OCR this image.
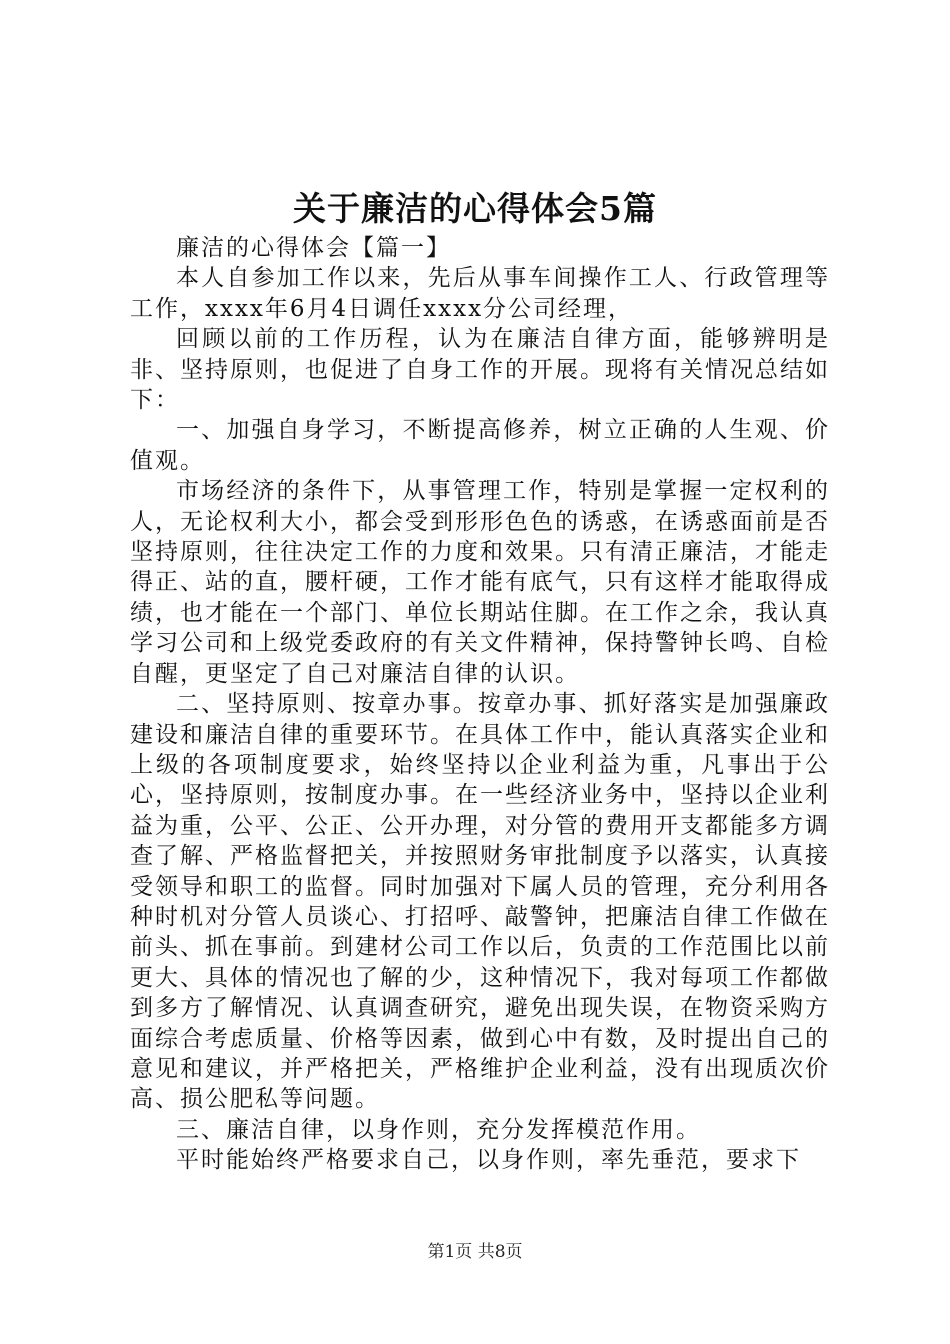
关于廉洁的心得体会5篇

廉洁的心得体会【篇一】

本人自参加工作以来，先后从事车间操作工人、行政管理等工作，xxxx年6月4日调任xxxx分公司经理，

回顾以前的工作历程，认为在廉洁自律方面，能够辨明是非、坚持原则，也促进了自身工作的开展。现将有关情况总结如下：

一、加强自身学习，不断提高修养，树立正确的人生观、价值观。

市场经济的条件下，从事管理工作，特别是掌握一定权利的人，无论权利大小，都会受到形形色色的诱惑，在诱惑面前是否坚持原则，往往决定工作的力度和效果。只有清正廉洁，才能走得正、站的直，腰杆硬，工作才能有底气，只有这样才能取得成绩，也才能在一个部门、单位长期站住脚。在工作之余，我认真学习公司和上级党委政府的有关文件精神，保持警钟长鸣、自检自醒，更坚定了自己对廉洁自律的认识。

二、坚持原则、按章办事。按章办事、抓好落实是加强廉政建设和廉洁自律的重要环节。在具体工作中，能认真落实企业和上级的各项制度要求，始终坚持以企业利益为重，凡事出于公心，坚持原则，按制度办事。在一些经济业务中，坚持以企业利益为重，公平、公正、公开办理，对分管的费用开支都能多方调查了解、严格监督把关，并按照财务审批制度予以落实，认真接受领导和职工的监督。同时加强对下属人员的管理，充分利用各种时机对分管人员谈心、打招呼、敲警钟，把廉洁自律工作做在前头、抓在事前。到建材公司工作以后，负责的工作范围比以前更大、具体的情况也了解的少，这种情况下，我对每项工作都做到多方了解情况、认真调查研究，避免出现失误，在物资采购方面综合考虑质量、价格等因素，做到心中有数，及时提出自己的意见和建议，并严格把关，严格维护企业利益，没有出现质次价高、损公肥私等问题。

三、廉洁自律，以身作则，充分发挥模范作用。

平时能始终严格要求自己，以身作则，率先垂范，要求下

第1页 共8页
